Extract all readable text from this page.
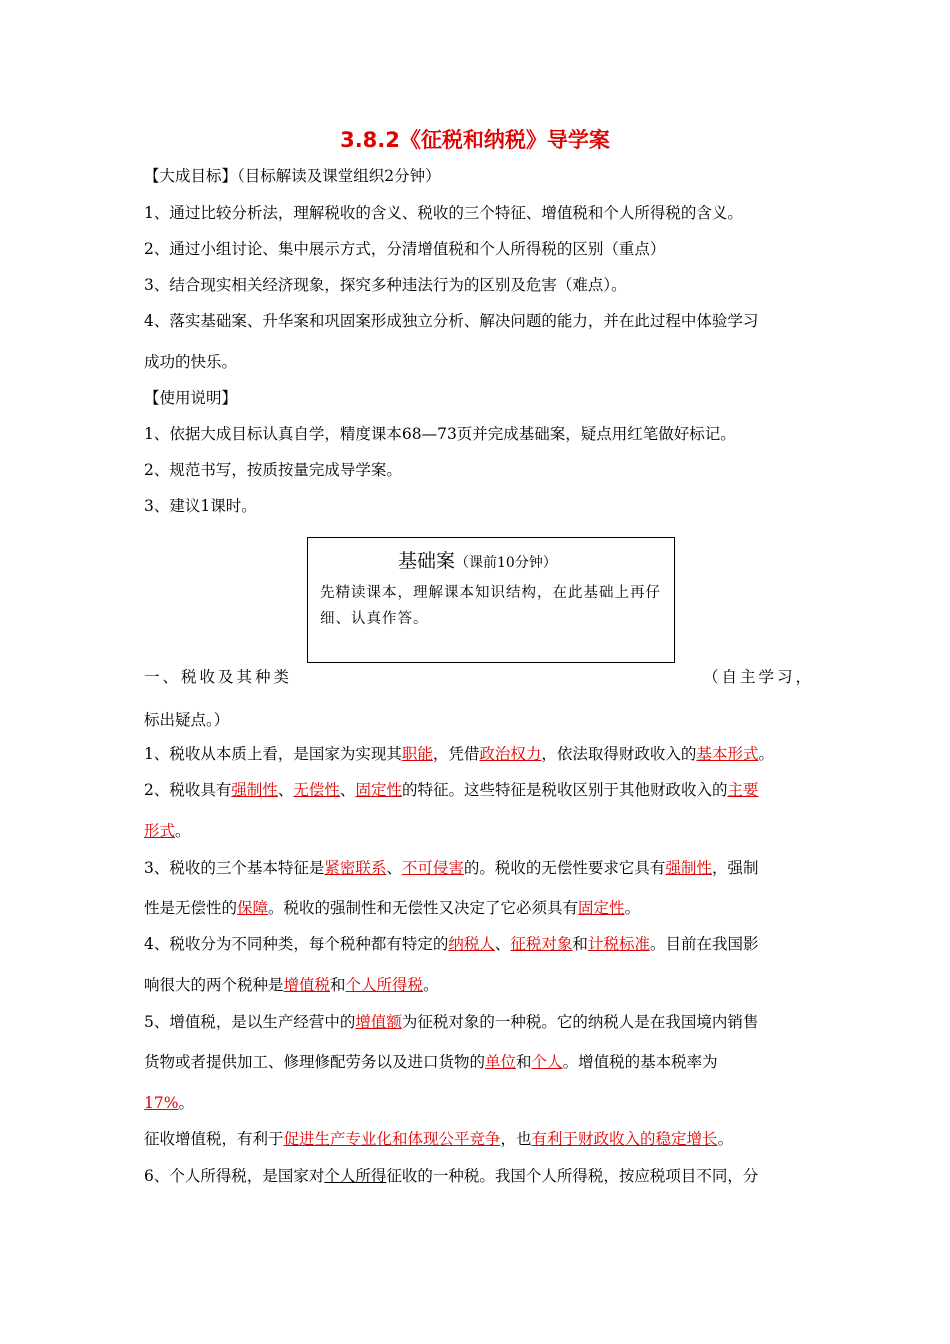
3.8.2《征税和纳税》导学案
【大成目标】（目标解读及课堂组织2分钟）
1、通过比较分析法，理解税收的含义、税收的三个特征、增值税和个人所得税的含义。
2、通过小组讨论、集中展示方式，分清增值税和个人所得税的区别（重点）
3、结合现实相关经济现象，探究多种违法行为的区别及危害（难点）。
4、落实基础案、升华案和巩固案形成独立分析、解决问题的能力，并在此过程中体验学习
成功的快乐。
【使用说明】
1、依据大成目标认真自学，精度课本68—73页并完成基础案，疑点用红笔做好标记。
2、规范书写，按质按量完成导学案。
3、建议1课时。
基础案（课前10分钟）
先精读课本，理解课本知识结构，在此基础上再仔细、认真作答。
一、税收及其种类	（自主学习，
标出疑点。）
1、税收从本质上看，是国家为实现其职能，凭借政治权力，依法取得财政收入的基本形式。
2、税收具有强制性、无偿性、固定性的特征。这些特征是税收区别于其他财政收入的主要
形式。
3、税收的三个基本特征是紧密联系、不可侵害的。税收的无偿性要求它具有强制性，强制
性是无偿性的保障。税收的强制性和无偿性又决定了它必须具有固定性。
4、税收分为不同种类，每个税种都有特定的纳税人、征税对象和计税标准。目前在我国影
响很大的两个税种是增值税和个人所得税。
5、增值税，是以生产经营中的增值额为征税对象的一种税。它的纳税人是在我国境内销售
货物或者提供加工、修理修配劳务以及进口货物的单位和个人。增值税的基本税率为
17%。
征收增值税，有利于促进生产专业化和体现公平竞争，也有利于财政收入的稳定增长。
6、个人所得税，是国家对个人所得征收的一种税。我国个人所得税，按应税项目不同，分
